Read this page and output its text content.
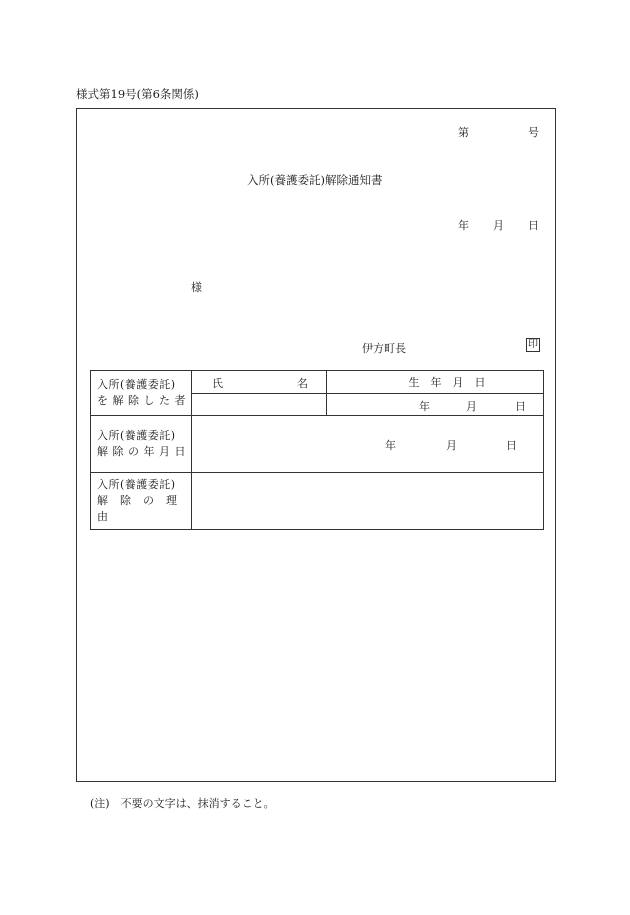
様式第19号(第6条関係)
第	号
入所(養護委託)解除通知書
年 月 日
様
伊方町長	印
入所(養護委託)
を 解 除 し た 者	氏 名	生　年　月　日

		年 月 日

入所(養護委託)
解 除 の 年 月 日	年 月 日	

入所(養護委託)
解　除　の　理　由		

(注)　不要の文字は、抹消すること。
